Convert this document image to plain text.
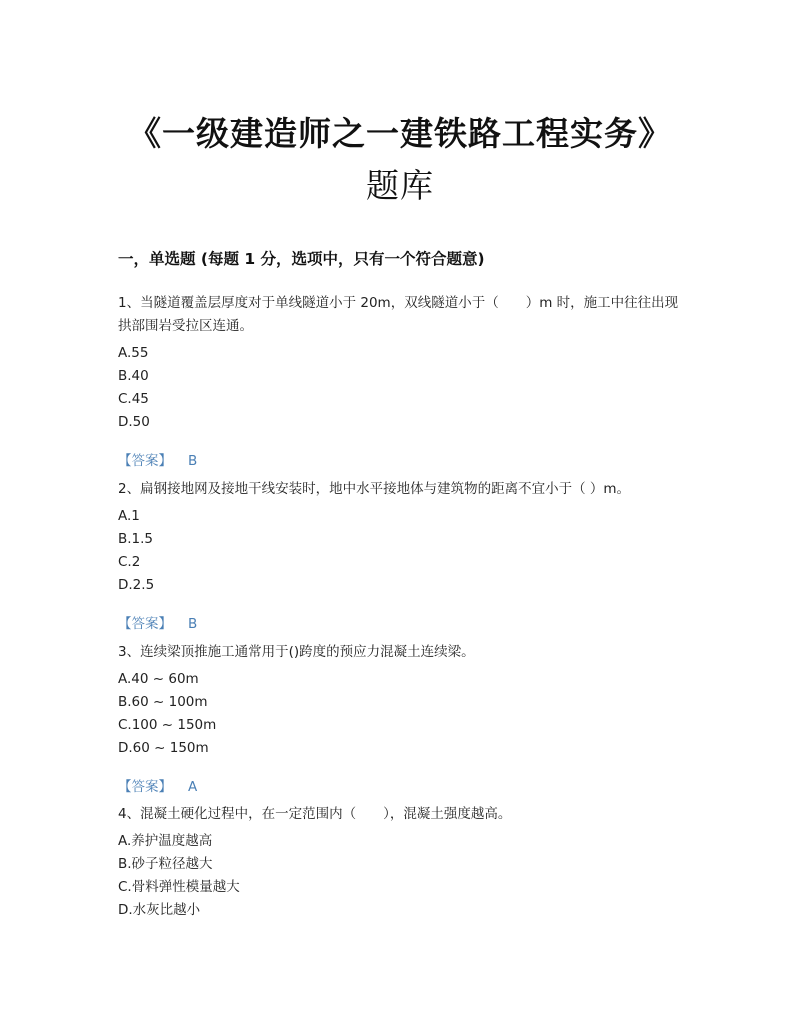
《一级建造师之一建铁路工程实务》
题库
一，单选题 (每题 1 分，选项中，只有一个符合题意)

1、当隧道覆盖层厚度对于单线隧道小于 20m，双线隧道小于（　　）m 时，施工中往往出现拱部围岩受拉区连通。

A.55

B.40

C.45

D.50

【答案】 B

2、扁钢接地网及接地干线安装时，地中水平接地体与建筑物的距离不宜小于（ ）m。

A.1

B.1.5

C.2

D.2.5

【答案】 B

3、连续梁顶推施工通常用于()跨度的预应力混凝土连续梁。

A.40 ~ 60m

B.60 ~ 100m

C.100 ~ 150m

D.60 ~ 150m

【答案】 A

4、混凝土硬化过程中，在一定范围内（　　），混凝土强度越高。

A.养护温度越高

B.砂子粒径越大

C.骨料弹性模量越大

D.水灰比越小
